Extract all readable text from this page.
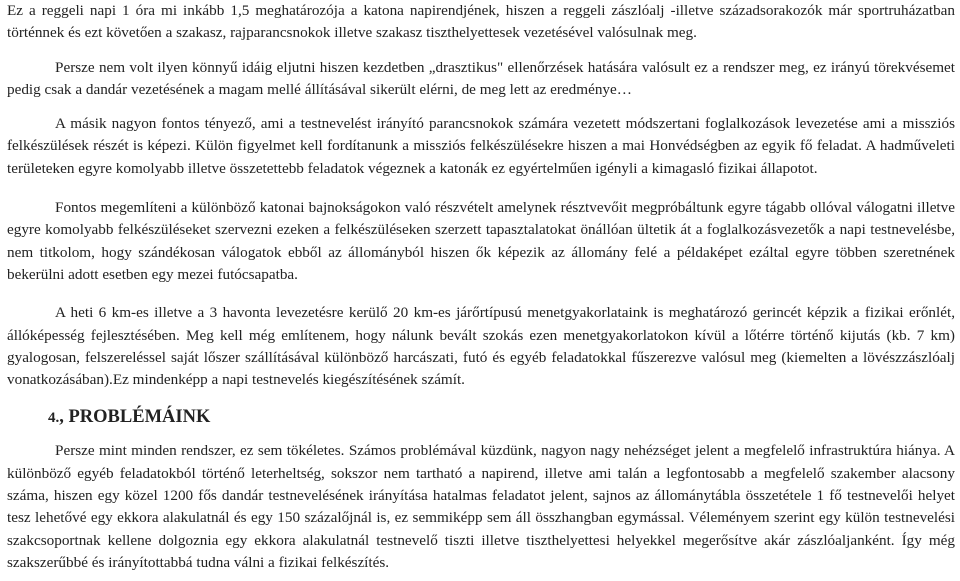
Ez a reggeli napi 1 óra mi inkább 1,5 meghatározója a katona napirendjének, hiszen a reggeli zászlóalj -illetve századsorakozók már sportruházatban történnek és ezt követően a szakasz, rajparancsnokok illetve szakasz tiszthelyettesek vezetésével valósulnak meg.

Persze nem volt ilyen könnyű idáig eljutni hiszen kezdetben „drasztikus" ellenőrzések hatására valósult ez a rendszer meg, ez irányú törekvésemet pedig csak a dandár vezetésének a magam mellé állításával sikerült elérni, de meg lett az eredménye…

A másik nagyon fontos tényező, ami a testnevelést irányító parancsnokok számára vezetett módszertani foglalkozások levezetése ami a missziós felkészülések részét is képezi. Külön figyelmet kell fordítanunk a missziós felkészülésekre hiszen a mai Honvédségben az egyik fő feladat. A hadműveleti területeken egyre komolyabb illetve összetettebb feladatok végeznek a katonák ez egyértelműen igényli a kimagasló fizikai állapotot.

Fontos megemlíteni a különböző katonai bajnokságokon való részvételt amelynek résztvevőit megpróbáltunk egyre tágabb ollóval válogatni illetve egyre komolyabb felkészüléseket szervezni ezeken a felkészüléseken szerzett tapasztalatokat önállóan ültetik át a foglalkozásvezetők a napi testnevelésbe, nem titkolom, hogy szándékosan válogatok ebből az állományból hiszen ők képezik az állomány felé a példaképet ezáltal egyre többen szeretnének bekerülni adott esetben egy mezei futócsapatba.

A heti 6 km-es illetve a 3 havonta levezetésre kerülő 20 km-es járőrtípusú menetgyakorlataink is meghatározó gerincét képzik a fizikai erőnlét, állóképesség fejlesztésében. Meg kell még említenem, hogy nálunk bevált szokás ezen menetgyakorlatokon kívül a lőtérre történő kijutás (kb. 7 km) gyalogosan, felszereléssel saját lőszer szállításával különböző harcászati, futó és egyéb feladatokkal fűszerezve valósul meg (kiemelten a lövészzászlóalj vonatkozásában).Ez mindenképp a napi testnevelés kiegészítésének számít.

4., PROBLÉMÁINK

Persze mint minden rendszer, ez sem tökéletes. Számos problémával küzdünk, nagyon nagy nehézséget jelent a megfelelő infrastruktúra hiánya. A különböző egyéb feladatokból történő leterheltség, sokszor nem tartható a napirend, illetve ami talán a legfontosabb a megfelelő szakember alacsony száma, hiszen egy közel 1200 fős dandár testnevelésének irányítása hatalmas feladatot jelent, sajnos az állománytábla összetétele 1 fő testnevelői helyet tesz lehetővé egy ekkora alakulatnál és egy 150 százalőjnál is, ez semmiképp sem áll összhangban egymással. Véleményem szerint egy külön testnevelési szakcsoportnak kellene dolgoznia egy ekkora alakulatnál testnevelő tiszti illetve tiszthelyettesi helyekkel megerősítve akár zászlóaljanként. Így még szakszerűbbé és irányítottabbá tudna válni a fizikai felkészítés.
